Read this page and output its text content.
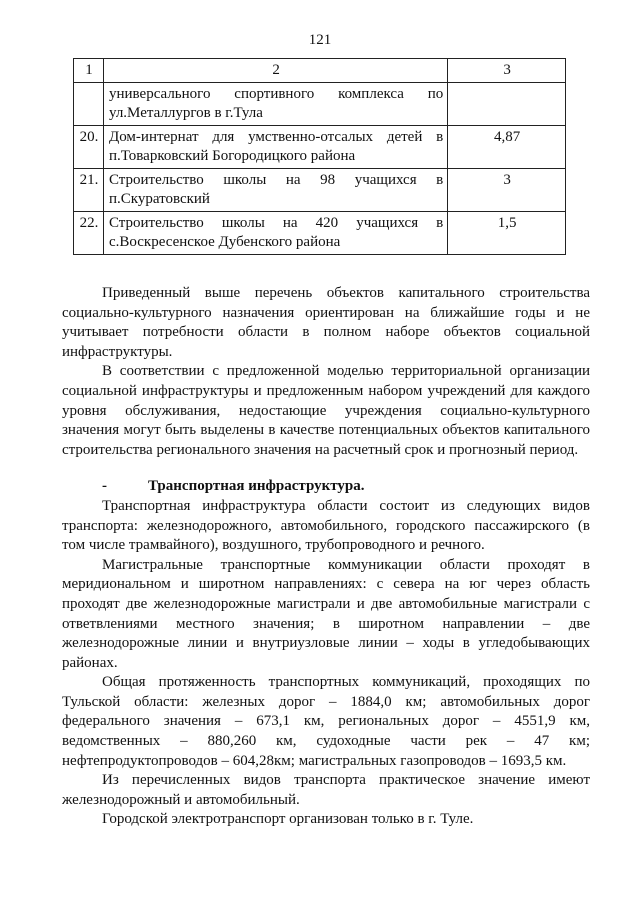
121
1	2	3
	универсального спортивного комплекса по ул.Металлургов в г.Тула	
20.	Дом-интернат для умственно-отсалых детей в п.Товарковский Богородицкого района	4,87
21.	Строительство школы на 98 учащихся в п.Скуратовский	3
22.	Строительство школы на 420 учащихся в с.Воскресенское Дубенского района	1,5

Приведенный выше перечень объектов капитального строительства социально-культурного назначения ориентирован на ближайшие годы и не учитывает потребности области в полном наборе объектов социальной инфраструктуры.

В соответствии с предложенной моделью территориальной организации социальной инфраструктуры и предложенным набором учреждений для каждого уровня обслуживания, недостающие учреждения социально-культурного значения могут быть выделены в качестве потенциальных объектов капитального строительства регионального значения на расчетный срок и прогнозный период.

-	Транспортная инфраструктура.

Транспортная инфраструктура области состоит из следующих видов транспорта: железнодорожного, автомобильного, городского пассажирского (в том числе трамвайного), воздушного, трубопроводного и речного.

Магистральные транспортные коммуникации области проходят в меридиональном и широтном направлениях: с севера на юг через область проходят две железнодорожные магистрали и две автомобильные магистрали с ответвлениями местного значения; в широтном направлении – две железнодорожные линии и внутриузловые линии – ходы в угледобывающих районах.

Общая протяженность транспортных коммуникаций, проходящих по Тульской области: железных дорог – 1884,0 км; автомобильных дорог федерального значения – 673,1 км, региональных дорог – 4551,9 км, ведомственных – 880,260 км, судоходные части рек – 47 км; нефтепродуктопроводов – 604,28км; магистральных газопроводов – 1693,5 км.

Из перечисленных видов транспорта практическое значение имеют железнодорожный и автомобильный.

Городской электротранспорт организован только в г. Туле.
